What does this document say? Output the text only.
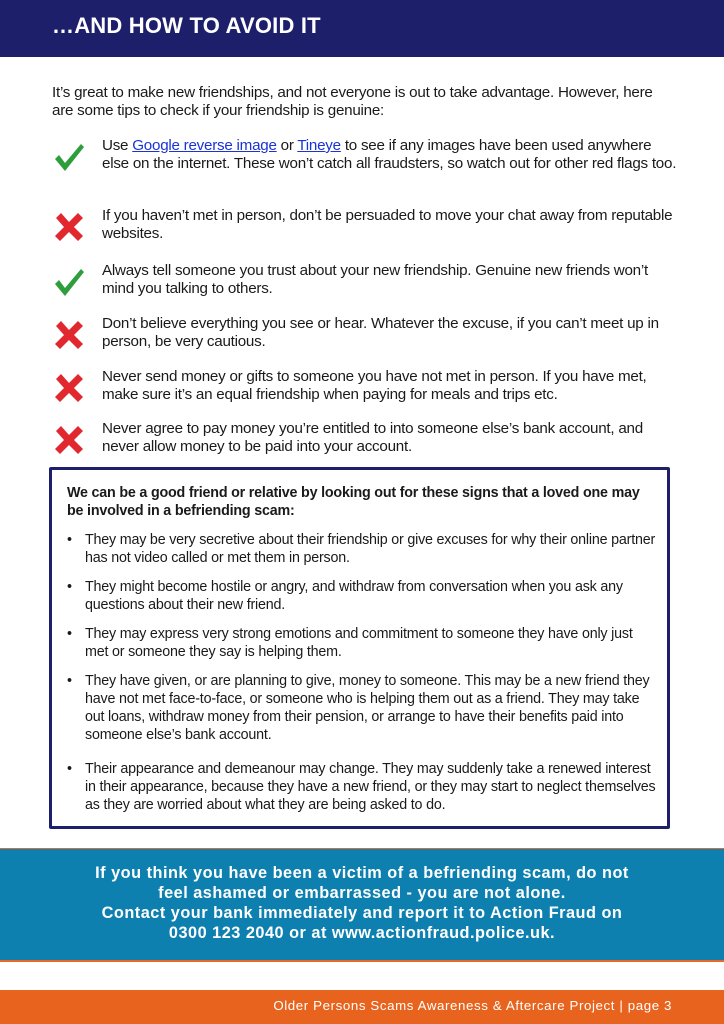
…AND HOW TO AVOID IT
It’s great to make new friendships, and not everyone is out to take advantage. However, here are some tips to check if your friendship is genuine:
Use Google reverse image or Tineye to see if any images have been used anywhere else on the internet. These won’t catch all fraudsters, so watch out for other red flags too.
If you haven’t met in person, don’t be persuaded to move your chat away from reputable websites.
Always tell someone you trust about your new friendship. Genuine new friends won’t mind you talking to others.
Don’t believe everything you see or hear. Whatever the excuse, if you can’t meet up in person, be very cautious.
Never send money or gifts to someone you have not met in person. If you have met, make sure it’s an equal friendship when paying for meals and trips etc.
Never agree to pay money you’re entitled to into someone else’s bank account, and never allow money to be paid into your account.
We can be a good friend or relative by looking out for these signs that a loved one may be involved in a befriending scam:
• They may be very secretive about their friendship or give excuses for why their online partner has not video called or met them in person.
• They might become hostile or angry, and withdraw from conversation when you ask any questions about their new friend.
• They may express very strong emotions and commitment to someone they have only just met or someone they say is helping them.
• They have given, or are planning to give, money to someone. This may be a new friend they have not met face-to-face, or someone who is helping them out as a friend. They may take out loans, withdraw money from their pension, or arrange to have their benefits paid into someone else’s bank account.
• Their appearance and demeanour may change. They may suddenly take a renewed interest in their appearance, because they have a new friend, or they may start to neglect themselves as they are worried about what they are being asked to do.
If you think you have been a victim of a befriending scam, do not
feel ashamed or embarrassed - you are not alone.
Contact your bank immediately and report it to Action Fraud on
0300 123 2040 or at www.actionfraud.police.uk.
Older Persons Scams Awareness & Aftercare Project | page 3
